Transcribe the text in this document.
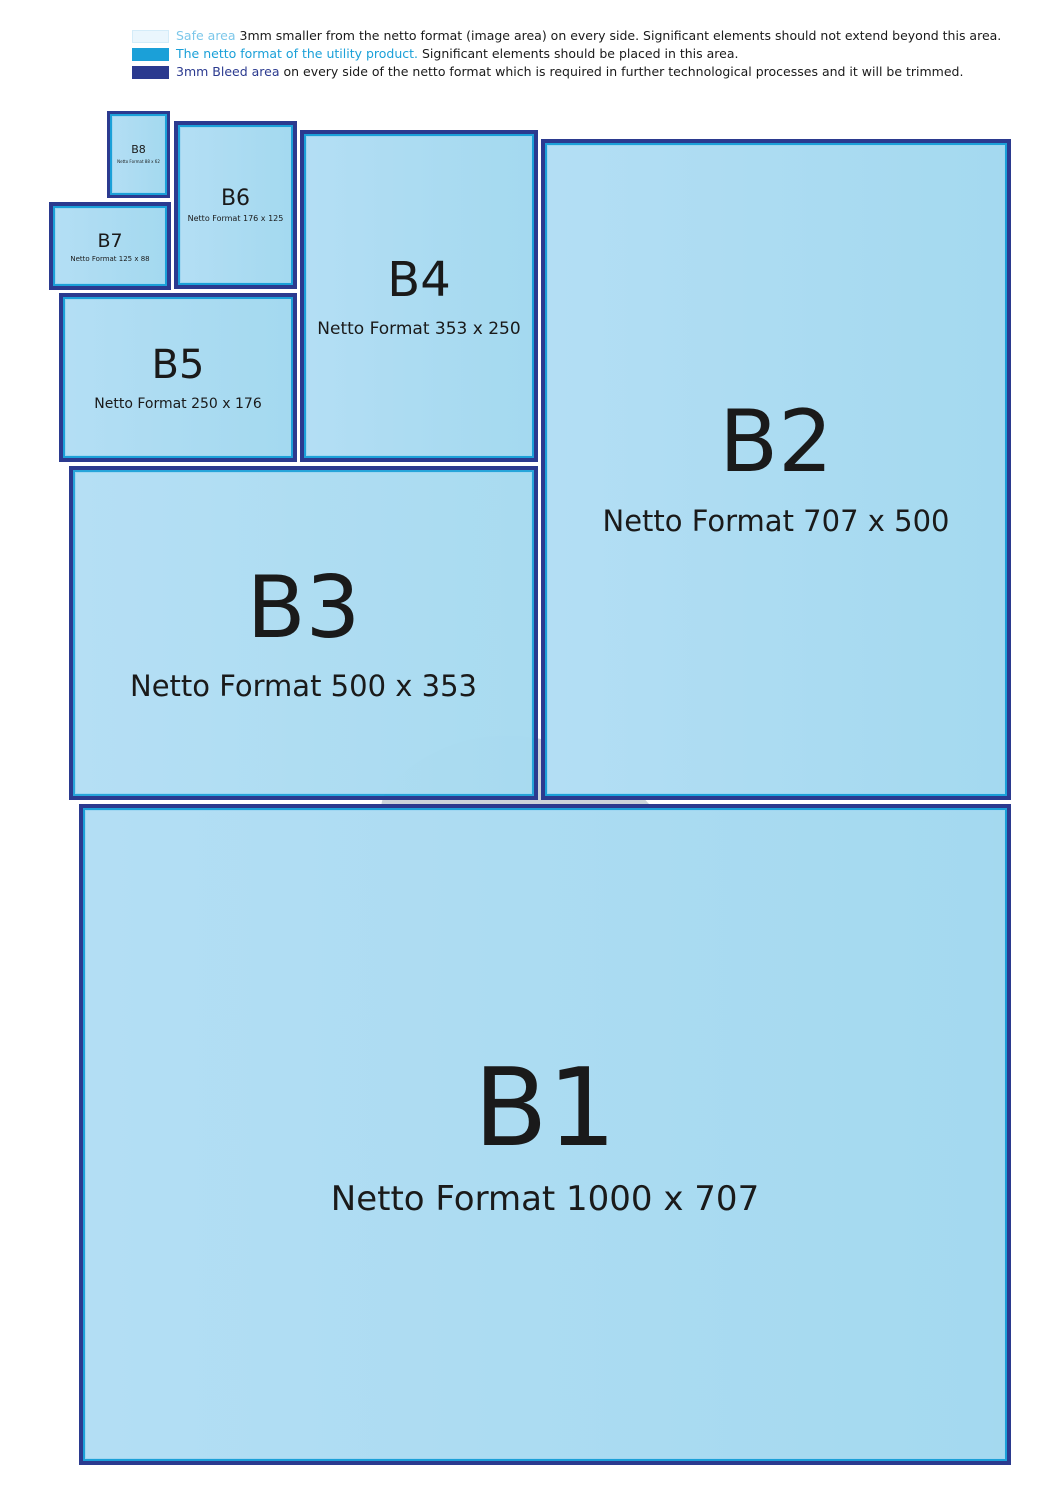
Safe area 3mm smaller from the netto format (image area) on every side. Significant elements should not extend beyond this area.
The netto format of the utility product. Significant elements should be placed in this area.
3mm Bleed area on every side of the netto format which is required in further technological processes and it will be trimmed.
B8
Netto Format 88 x 62
B6
Netto Format 176 x 125
B7
Netto Format 125 x 88	B4
Netto Format 353 x 250
B5
Netto Format 250 x 176
B3
Netto Format 500 x 353
B2
Netto Format 707 x 500
B1
Netto Format 1000 x 707
